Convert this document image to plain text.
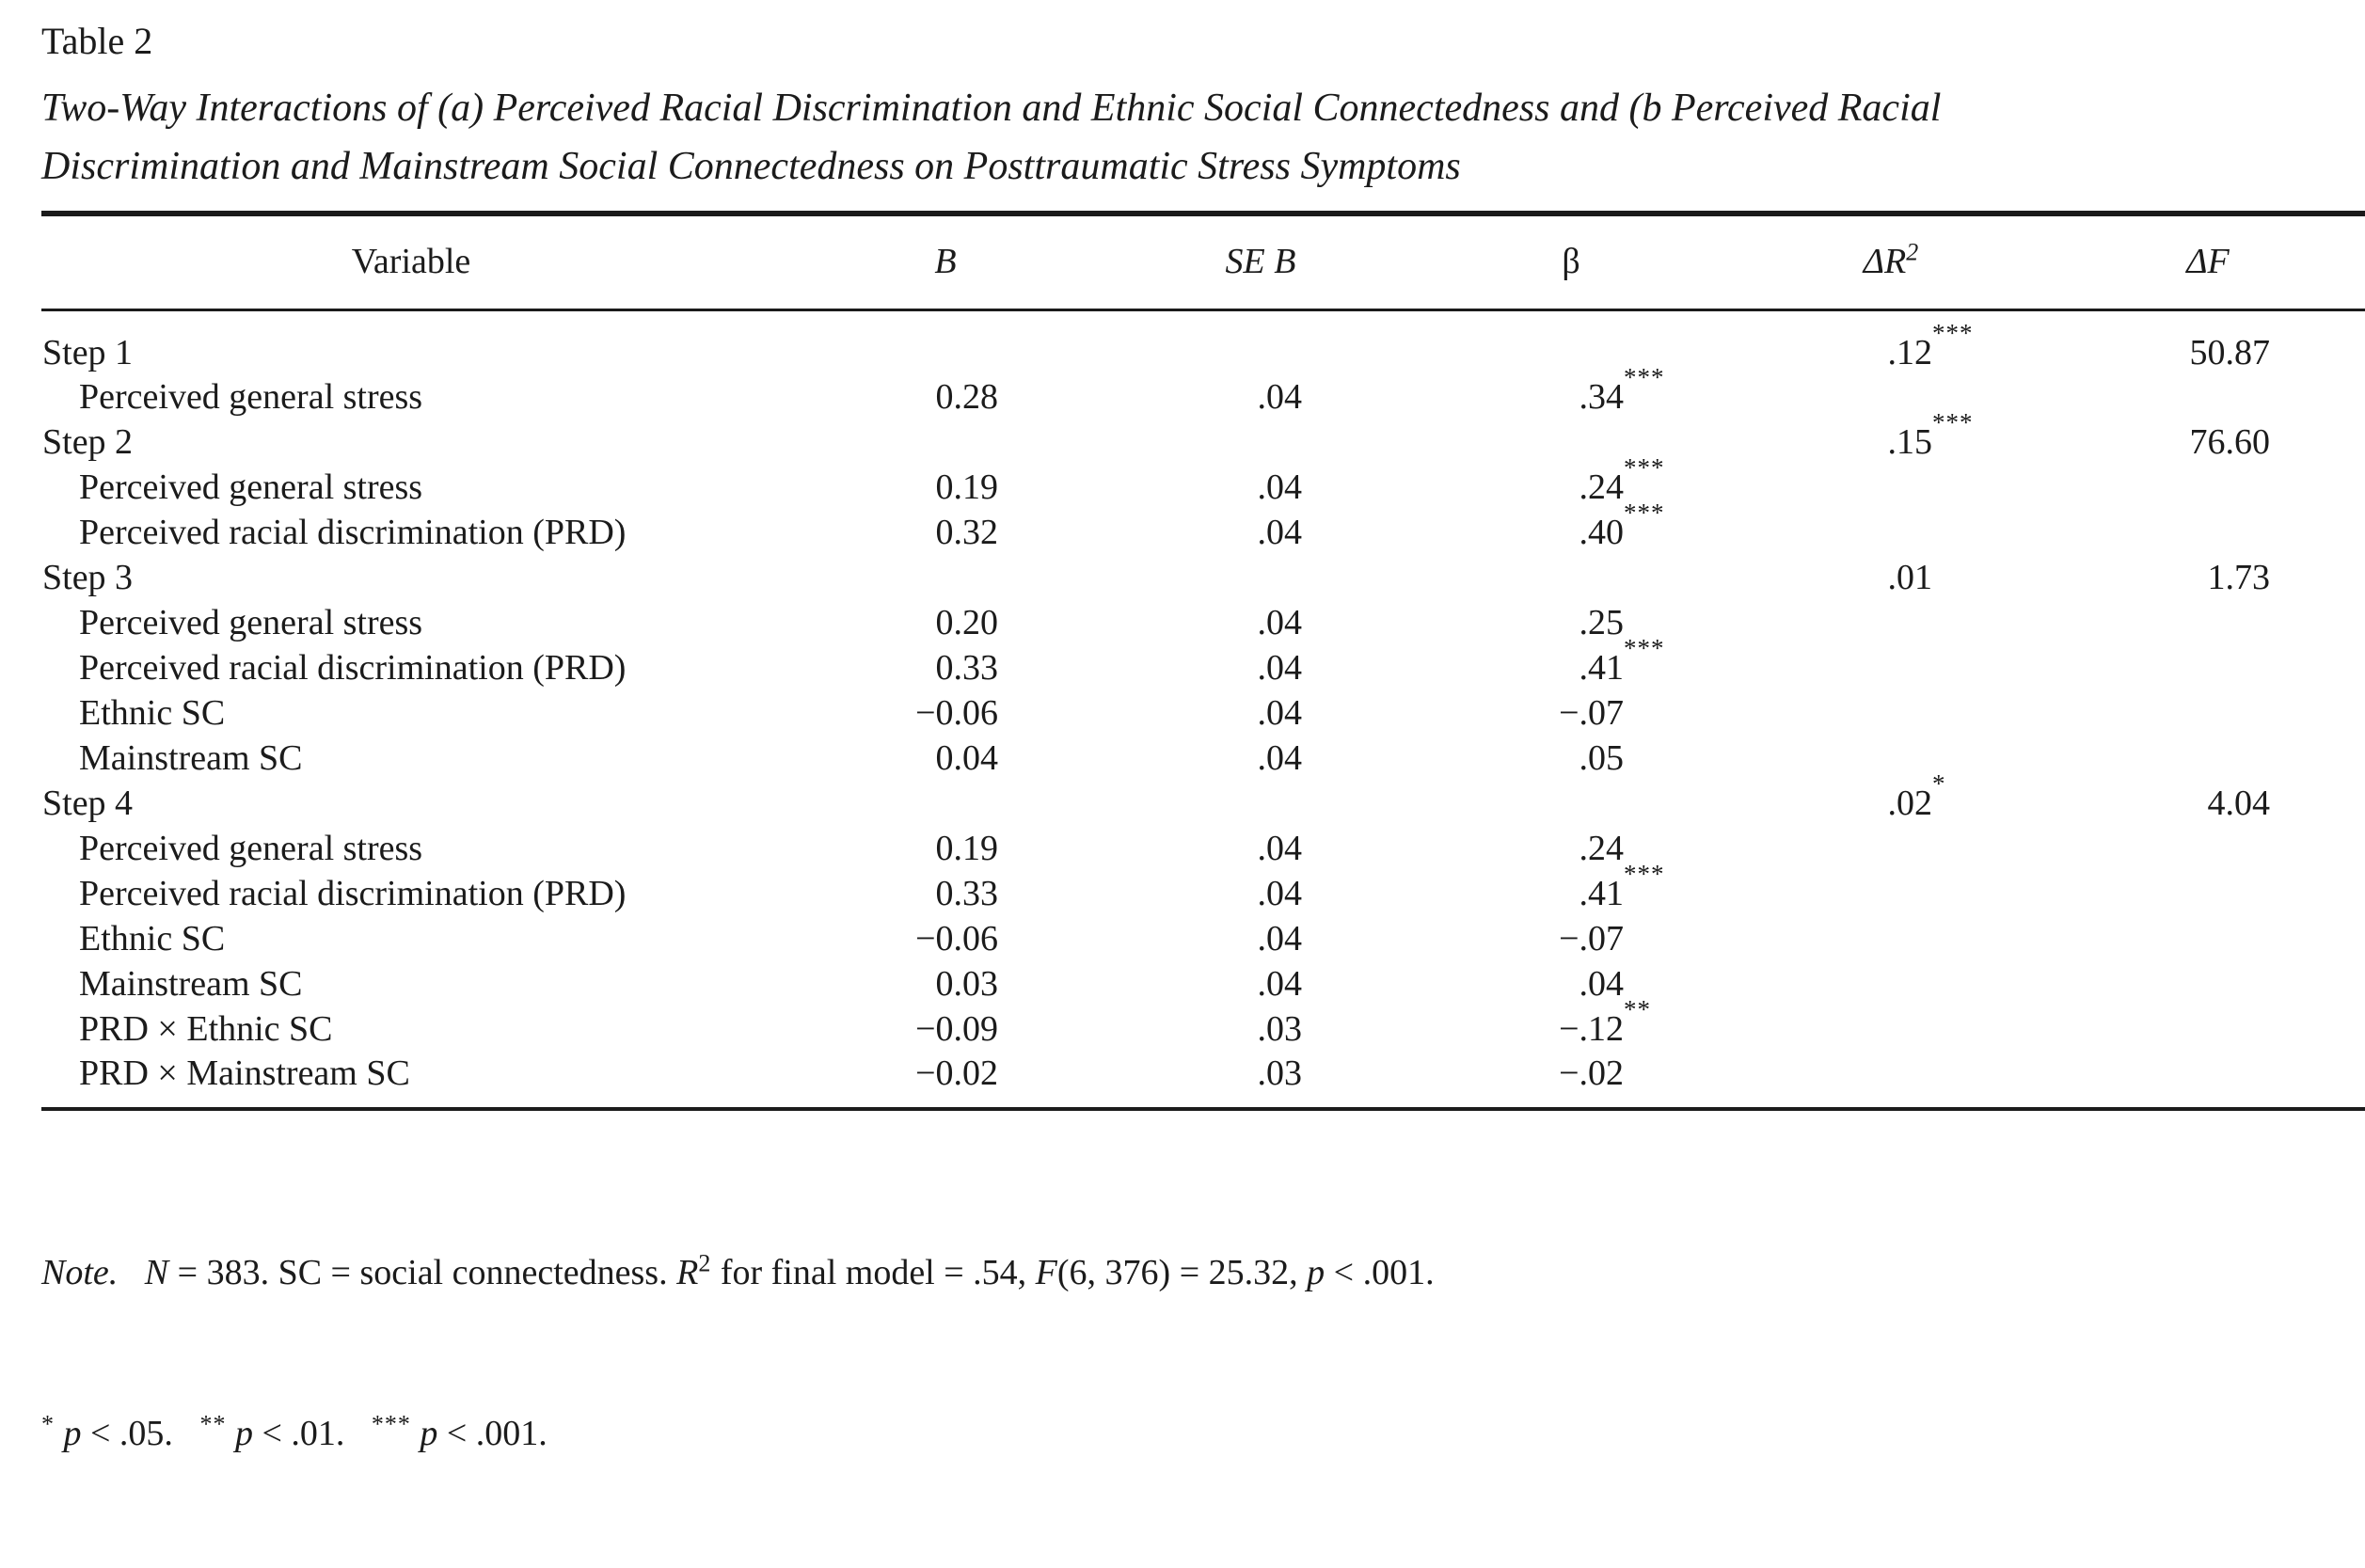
Table 2
Two-Way Interactions of (a) Perceived Racial Discrimination and Ethnic Social Connectedness and (b Perceived Racial
Discrimination and Mainstream Social Connectedness on Posttraumatic Stress Symptoms
Variable	B	SE B	β	$\Delta R^2$	ΔF
Step 1				.12 ***	50.87
Perceived general stress	0.28	.04	.34 ***		

Step 2				.15 ***	76.60
Perceived general stress	0.19	.04	.24 ***		

Perceived racial discrimination (PRD)	0.32	.04	.40 ***		

Step 3				.01	1.73
Perceived general stress	0.20	.04	.25		
Perceived racial discrimination (PRD)	0.33	.04	.41 ***		

Ethnic SC	−0.06	.04	−.07		
Mainstream SC	0.04	.04	.05		
Step 4				.02 *	4.04
Perceived general stress	0.19	.04	.24		
Perceived racial discrimination (PRD)	0.33	.04	.41 ***		

Ethnic SC	−0.06	.04	−.07		
Mainstream SC	0.03	.04	.04		
PRD × Ethnic SC	−0.09	.03	−.12 **		

PRD × Mainstream SC	−0.02	.03	−.02		

Note. N = 383. SC = social connectedness. $R^2$ for final model = .54, F(6, 376) = 25.32, p < .001.

* p < .05.   ** p < .01.   *** p < .001.
